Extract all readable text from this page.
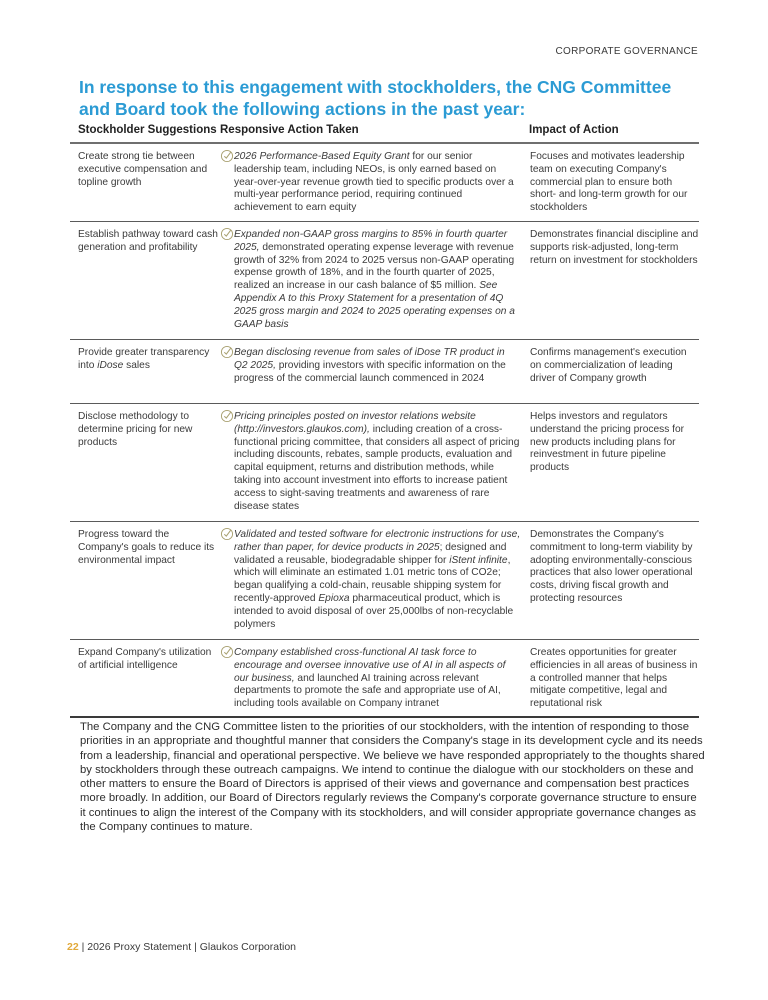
CORPORATE GOVERNANCE
In response to this engagement with stockholders, the CNG Committee and Board took the following actions in the past year:
Stockholder Suggestions Responsive Action Taken	Impact of Action
Create strong tie between executive compensation and topline growth
2026 Performance-Based Equity Grant for our senior leadership team, including NEOs, is only earned based on year-over-year revenue growth tied to specific products over a multi-year performance period, requiring continued achievement to earn equity
Focuses and motivates leadership team on executing Company's commercial plan to ensure both short- and long-term growth for our stockholders
Establish pathway toward cash generation and profitability
Expanded non-GAAP gross margins to 85% in fourth quarter 2025, demonstrated operating expense leverage with revenue growth of 32% from 2024 to 2025 versus non-GAAP operating expense growth of 18%, and in the fourth quarter of 2025, realized an increase in our cash balance of $5 million. See Appendix A to this Proxy Statement for a presentation of 4Q 2025 gross margin and 2024 to 2025 operating expenses on a GAAP basis
Demonstrates financial discipline and supports risk-adjusted, long-term return on investment for stockholders
Provide greater transparency into iDose sales
Began disclosing revenue from sales of iDose TR product in Q2 2025, providing investors with specific information on the progress of the commercial launch commenced in 2024
Confirms management's execution on commercialization of leading driver of Company growth
Disclose methodology to determine pricing for new products
Pricing principles posted on investor relations website (http://investors.glaukos.com), including creation of a cross-functional pricing committee, that considers all aspect of pricing including discounts, rebates, sample products, evaluation and capital equipment, returns and distribution methods, while taking into account investment into efforts to increase patient access to sight-saving treatments and awareness of rare disease states
Helps investors and regulators understand the pricing process for new products including plans for reinvestment in future pipeline products
Progress toward the Company's goals to reduce its environmental impact
Validated and tested software for electronic instructions for use, rather than paper, for device products in 2025; designed and validated a reusable, biodegradable shipper for iStent infinite, which will eliminate an estimated 1.01 metric tons of CO2e; began qualifying a cold-chain, reusable shipping system for recently-approved Epioxa pharmaceutical product, which is intended to avoid disposal of over 25,000lbs of non-recyclable polymers
Demonstrates the Company's commitment to long-term viability by adopting environmentally-conscious practices that also lower operational costs, driving fiscal growth and protecting resources
Expand Company's utilization of artificial intelligence
Company established cross-functional AI task force to encourage and oversee innovative use of AI in all aspects of our business, and launched AI training across relevant departments to promote the safe and appropriate use of AI, including tools available on Company intranet
Creates opportunities for greater efficiencies in all areas of business in a controlled manner that helps mitigate competitive, legal and reputational risk

The Company and the CNG Committee listen to the priorities of our stockholders, with the intention of responding to those priorities in an appropriate and thoughtful manner that considers the Company's stage in its development cycle and its needs from a leadership, financial and operational perspective. We believe we have responded appropriately to the thoughts shared by stockholders through these outreach campaigns. We intend to continue the dialogue with our stockholders on these and other matters to ensure the Board of Directors is apprised of their views and governance and compensation best practices more broadly. In addition, our Board of Directors regularly reviews the Company's corporate governance structure to ensure it continues to align the interest of the Company with its stockholders, and will consider appropriate governance changes as the Company continues to mature.

22 | 2026 Proxy Statement | Glaukos Corporation
